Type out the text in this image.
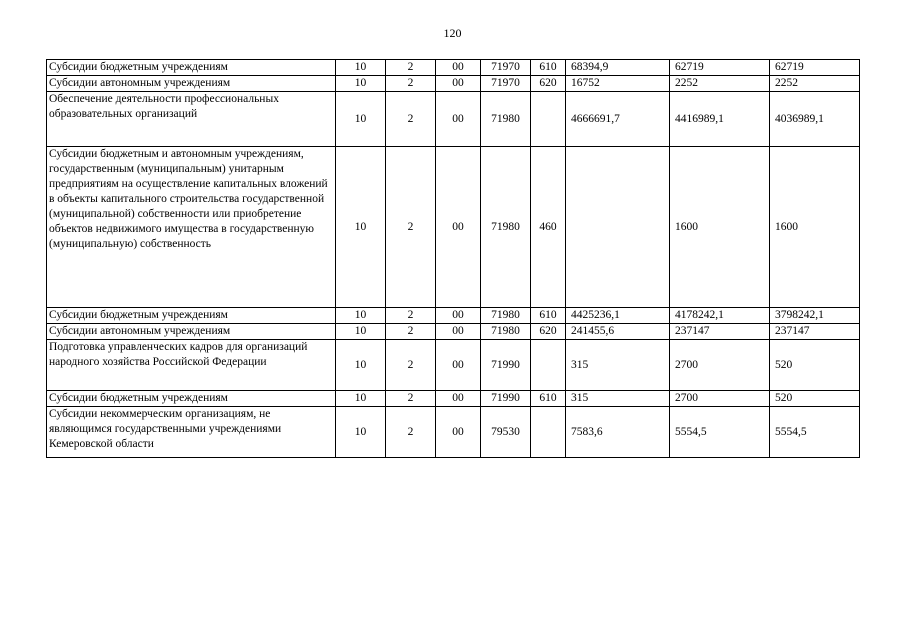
120
Субсидии бюджетным учреждениям	10	2	00	71970	610	68394,9	62719	62719
Субсидии автономным учреждениям	10	2	00	71970	620	16752	2252	2252
Обеспечение деятельности профессиональных образовательных организаций	10	2	00	71980		4666691,7	4416989,1	4036989,1
Субсидии бюджетным и автономным учреждениям, государственным (муниципальным) унитарным предприятиям на осуществление капитальных вложений в объекты капитального строительства государственной (муниципальной) собственности или приобретение объектов недвижимого имущества в государственную (муниципальную) собственность	10	2	00	71980	460		1600	1600
Субсидии бюджетным учреждениям	10	2	00	71980	610	4425236,1	4178242,1	3798242,1
Субсидии автономным учреждениям	10	2	00	71980	620	241455,6	237147	237147
Подготовка управленческих кадров для организаций народного хозяйства Российской Федерации	10	2	00	71990		315	2700	520
Субсидии бюджетным учреждениям	10	2	00	71990	610	315	2700	520
Субсидии некоммерческим организациям, не являющимся государственными учреждениями Кемеровской области	10	2	00	79530		7583,6	5554,5	5554,5
